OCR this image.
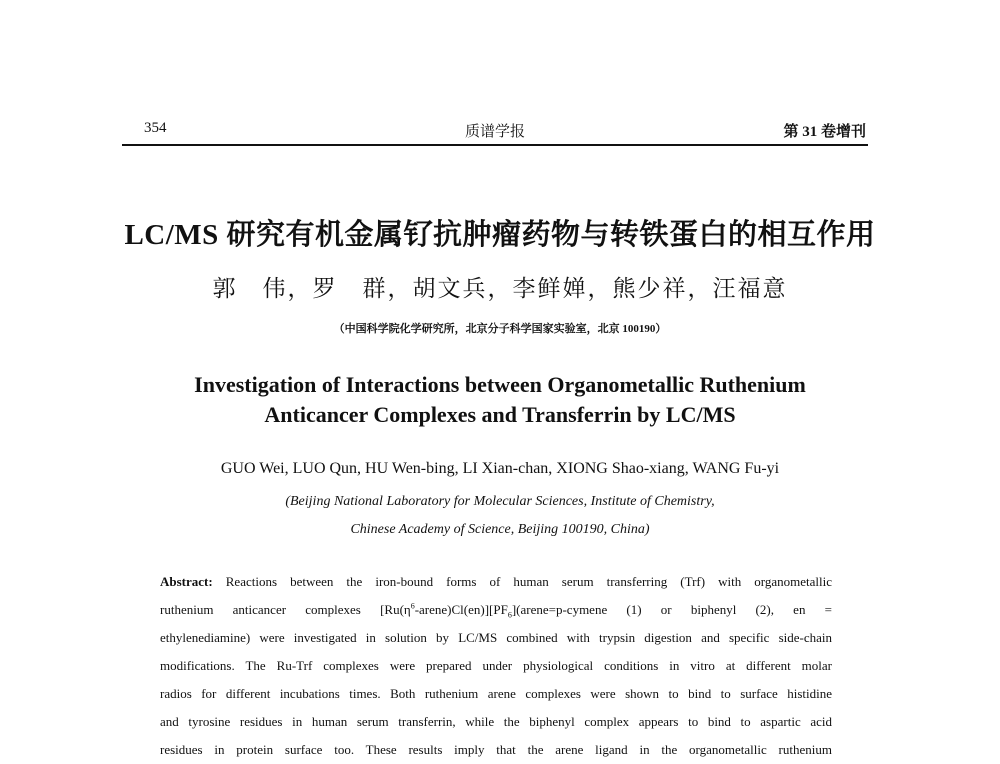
354	质谱学报	第 31 卷增刊
LC/MS 研究有机金属钌抗肿瘤药物与转铁蛋白的相互作用
郭　伟，罗　群，胡文兵，李鲜婵，熊少祥，汪福意
（中国科学院化学研究所，北京分子科学国家实验室，北京 100190）
Investigation of Interactions between Organometallic Ruthenium
Anticancer Complexes and Transferrin by LC/MS
GUO Wei, LUO Qun, HU Wen-bing, LI Xian-chan, XIONG Shao-xiang, WANG Fu-yi
(Beijing National Laboratory for Molecular Sciences, Institute of Chemistry,
Chinese Academy of Science, Beijing 100190, China)
Abstract: Reactions between the iron-bound forms of human serum transferring (Trf) with organometallic
ruthenium anticancer complexes $[Ru(\eta^6-arene)Cl(en)][PF_6](arene=p$-cymene (1) or biphenyl (2), en =
ethylenediamine) were investigated in solution by LC/MS combined with trypsin digestion and specific side-chain
modifications. The Ru-Trf complexes were prepared under physiological conditions in vitro at different molar
radios for different incubations times. Both ruthenium arene complexes were shown to bind to surface histidine
and tyrosine residues in human serum transferrin, while the biphenyl complex appears to bind to aspartic acid
residues in protein surface too. These results imply that the arene ligand in the organometallic ruthenium
